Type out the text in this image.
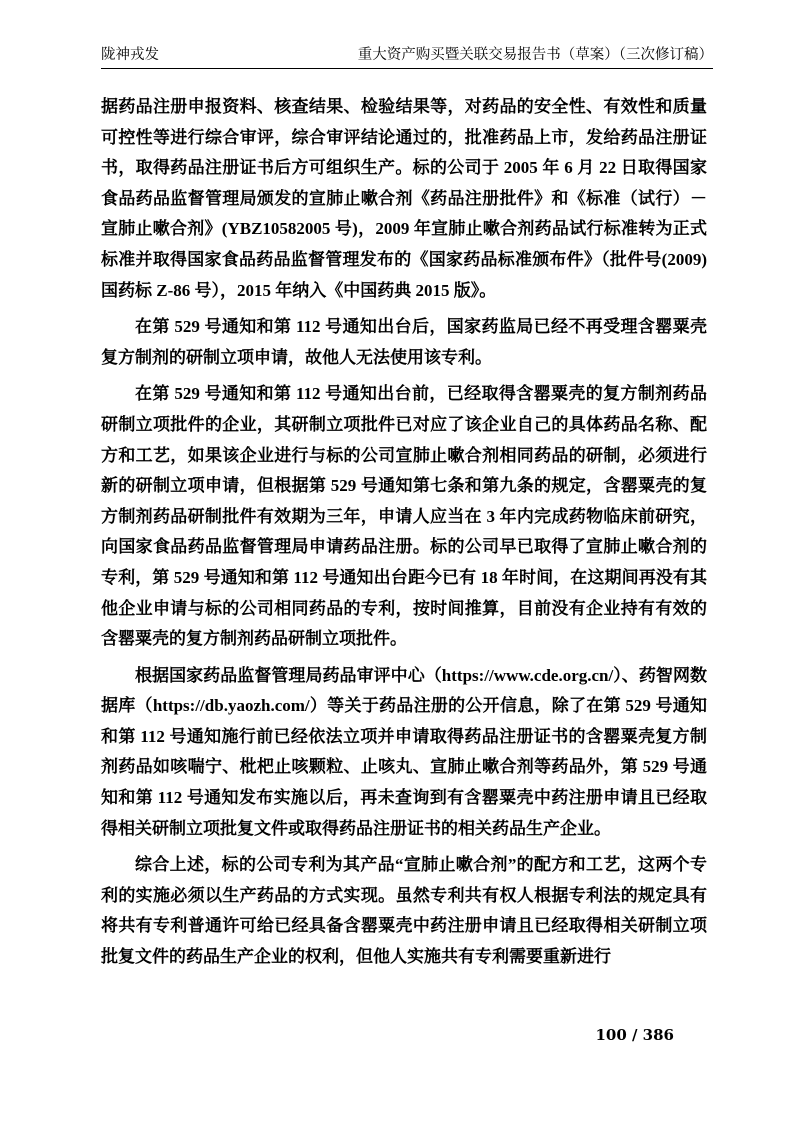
陇神戎发	重大资产购买暨关联交易报告书（草案）（三次修订稿）

据药品注册申报资料、核查结果、检验结果等，对药品的安全性、有效性和质量可控性等进行综合审评，综合审评结论通过的，批准药品上市，发给药品注册证书，取得药品注册证书后方可组织生产。标的公司于 2005 年 6 月 22 日取得国家食品药品监督管理局颁发的宣肺止嗽合剂《药品注册批件》和《标准（试行）－宣肺止嗽合剂》(YBZ10582005 号)，2009 年宣肺止嗽合剂药品试行标准转为正式标准并取得国家食品药品监督管理发布的《国家药品标准颁布件》（批件号(2009)国药标 Z-86 号），2015 年纳入《中国药典 2015 版》。

在第 529 号通知和第 112 号通知出台后，国家药监局已经不再受理含罂粟壳复方制剂的研制立项申请，故他人无法使用该专利。

在第 529 号通知和第 112 号通知出台前，已经取得含罂粟壳的复方制剂药品研制立项批件的企业，其研制立项批件已对应了该企业自己的具体药品名称、配方和工艺，如果该企业进行与标的公司宣肺止嗽合剂相同药品的研制，必须进行新的研制立项申请，但根据第 529 号通知第七条和第九条的规定，含罂粟壳的复方制剂药品研制批件有效期为三年，申请人应当在 3 年内完成药物临床前研究，向国家食品药品监督管理局申请药品注册。标的公司早已取得了宣肺止嗽合剂的专利，第 529 号通知和第 112 号通知出台距今已有 18 年时间，在这期间再没有其他企业申请与标的公司相同药品的专利，按时间推算，目前没有企业持有有效的含罂粟壳的复方制剂药品研制立项批件。

根据国家药品监督管理局药品审评中心（https://www.cde.org.cn/）、药智网数据库（https://db.yaozh.com/）等关于药品注册的公开信息，除了在第 529 号通知和第 112 号通知施行前已经依法立项并申请取得药品注册证书的含罂粟壳复方制剂药品如咳喘宁、枇杷止咳颗粒、止咳丸、宣肺止嗽合剂等药品外，第 529 号通知和第 112 号通知发布实施以后，再未查询到有含罂粟壳中药注册申请且已经取得相关研制立项批复文件或取得药品注册证书的相关药品生产企业。

综合上述，标的公司专利为其产品“宣肺止嗽合剂”的配方和工艺，这两个专利的实施必须以生产药品的方式实现。虽然专利共有权人根据专利法的规定具有将共有专利普通许可给已经具备含罂粟壳中药注册申请且已经取得相关研制立项批复文件的药品生产企业的权利，但他人实施共有专利需要重新进行

100 / 386
